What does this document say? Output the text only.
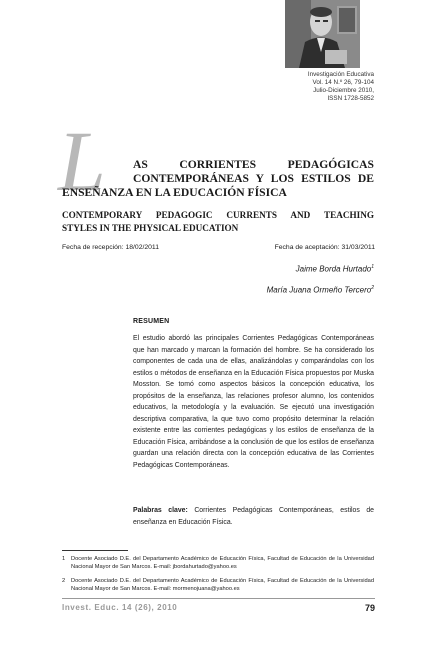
Investigación Educativa
Vol. 14 N.º 26, 79-104
Julio-Diciembre 2010,
ISSN 1728-5852
L AS CORRIENTES PEDAGÓGICAS
CONTEMPORÁNEAS Y LOS ESTILOS DE
ENSEÑANZA EN LA EDUCACIÓN FÍSICA
CONTEMPORARY PEDAGOGIC CURRENTS AND TEACHING
STYLES IN THE PHYSICAL EDUCATION
Fecha de recepción: 18/02/2011	Fecha de aceptación: 31/03/2011
Jaime Borda Hurtado$^1$
María Juana Ormeño Tercero$^2$
RESUMEN
El estudio abordó las principales Corrientes Pedagógicas Contemporáneas que han marcado y marcan la formación del hombre. Se ha considerado los componentes de cada una de ellas, analizándolas y comparándolas con los estilos o métodos de enseñanza en la Educación Física propuestos por Muska Mosston. Se tomó como aspectos básicos la concepción educativa, los propósitos de la enseñanza, las relaciones profesor alumno, los contenidos educativos, la metodología y la evaluación. Se ejecutó una investigación descriptiva comparativa, la que tuvo como propósito determinar la relación existente entre las corrientes pedagógicas y los estilos de enseñanza de la Educación Física, arribándose a la conclusión de que los estilos de enseñanza guardan una relación directa con la concepción educativa de las Corrientes Pedagógicas Contemporáneas.
Palabras clave: Corrientes Pedagógicas Contemporáneas, estilos de enseñanza en Educación Física.
1 Docente Asociado D.E. del Departamento Académico de Educación Física, Facultad de Educación de la Universidad Nacional Mayor de San Marcos. E-mail: jbordahurtado@yahoo.es
2 Docente Asociado D.E. del Departamento Académico de Educación Física, Facultad de Educación de la Universidad Nacional Mayor de San Marcos. E-mail: mormenojuana@yahoo.es
Invest. Educ. 14 (26), 2010	79
